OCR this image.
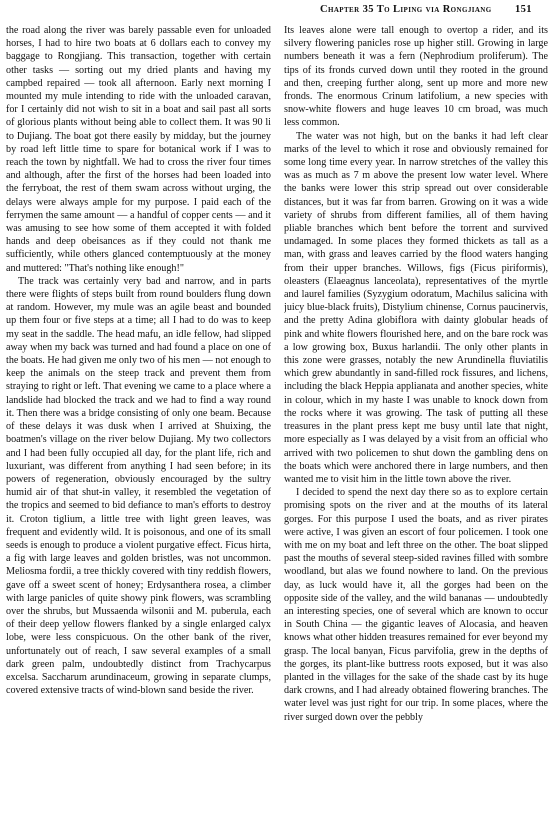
Chapter 35 To Liping via Rongjiang 151

the road along the river was barely passable even for unloaded horses, I had to hire two boats at 6 dollars each to convey my baggage to Rongjiang. This transaction, together with certain other tasks — sorting out my dried plants and having my campbed repaired — took all afternoon. Early next morning I mounted my mule intending to ride with the unloaded caravan, for I certainly did not wish to sit in a boat and sail past all sorts of glorious plants without being able to collect them. It was 90 li to Dujiang. The boat got there easily by midday, but the journey by road left little time to spare for botanical work if I was to reach the town by nightfall. We had to cross the river four times and although, after the first of the horses had been loaded into the ferryboat, the rest of them swam across without urging, the delays were always ample for my purpose. I paid each of the ferrymen the same amount — a handful of copper cents — and it was amusing to see how some of them accepted it with folded hands and deep obeisances as if they could not thank me sufficiently, while others glanced contemptuously at the money and muttered: "That's nothing like enough!"

The track was certainly very bad and narrow, and in parts there were flights of steps built from round boulders flung down at random. However, my mule was an agile beast and bounded up them four or five steps at a time; all I had to do was to keep my seat in the saddle. The head mafu, an idle fellow, had slipped away when my back was turned and had found a place on one of the boats. He had given me only two of his men — not enough to keep the animals on the steep track and prevent them from straying to right or left. That evening we came to a place where a landslide had blocked the track and we had to find a way round it. Then there was a bridge consisting of only one beam. Because of these delays it was dusk when I arrived at Shuixing, the boatmen's village on the river below Dujiang. My two collectors and I had been fully occupied all day, for the plant life, rich and luxuriant, was different from anything I had seen before; in its powers of regeneration, obviously encouraged by the sultry humid air of that shut-in valley, it resembled the vegetation of the tropics and seemed to bid defiance to man's efforts to destroy it. Croton tiglium, a little tree with light green leaves, was frequent and evidently wild. It is poisonous, and one of its small seeds is enough to produce a violent purgative effect. Ficus hirta, a fig with large leaves and golden bristles, was not uncommon. Meliosma fordii, a tree thickly covered with tiny reddish flowers, gave off a sweet scent of honey; Erdysanthera rosea, a climber with large panicles of quite showy pink flowers, was scrambling over the shrubs, but Mussaenda wilsonii and M. puberula, each of their deep yellow flowers flanked by a single enlarged calyx lobe, were less conspicuous. On the other bank of the river, unfortunately out of reach, I saw several examples of a small dark green palm, undoubtedly distinct from Trachycarpus excelsa. Saccharum arundinaceum, growing in separate clumps, covered extensive tracts of wind-blown sand beside the river.

Its leaves alone were tall enough to overtop a rider, and its silvery flowering panicles rose up higher still. Growing in large numbers beneath it was a fern (Nephrodium proliferum). The tips of its fronds curved down until they rooted in the ground and then, creeping further along, sent up more and more new fronds. The enormous Crinum latifolium, a new species with snow-white flowers and huge leaves 10 cm broad, was much less common.

The water was not high, but on the banks it had left clear marks of the level to which it rose and obviously remained for some long time every year. In narrow stretches of the valley this was as much as 7 m above the present low water level. Where the banks were lower this strip spread out over considerable distances, but it was far from barren. Growing on it was a wide variety of shrubs from different families, all of them having pliable branches which bent before the torrent and survived undamaged. In some places they formed thickets as tall as a man, with grass and leaves carried by the flood waters hanging from their upper branches. Willows, figs (Ficus piriformis), oleasters (Elaeagnus lanceolata), representatives of the myrtle and laurel families (Syzygium odoratum, Machilus salicina with juicy blue-black fruits), Distylium chinense, Cornus paucinervis, and the pretty Adina globiflora with dainty globular heads of pink and white flowers flourished here, and on the bare rock was a low growing box, Buxus harlandii. The only other plants in this zone were grasses, notably the new Arundinella fluviatilis which grew abundantly in sand-filled rock fissures, and lichens, including the black Heppia applianata and another species, white in colour, which in my haste I was unable to knock down from the rocks where it was growing. The task of putting all these treasures in the plant press kept me busy until late that night, more especially as I was delayed by a visit from an official who arrived with two policemen to shut down the gambling dens on the boats which were anchored there in large numbers, and then wanted me to visit him in the little town above the river.

I decided to spend the next day there so as to explore certain promising spots on the river and at the mouths of its lateral gorges. For this purpose I used the boats, and as river pirates were active, I was given an escort of four policemen. I took one with me on my boat and left three on the other. The boat slipped past the mouths of several steep-sided ravines filled with sombre woodland, but alas we found nowhere to land. On the previous day, as luck would have it, all the gorges had been on the opposite side of the valley, and the wild bananas — undoubtedly an interesting species, one of several which are known to occur in South China — the gigantic leaves of Alocasia, and heaven knows what other hidden treasures remained for ever beyond my grasp. The local banyan, Ficus parvifolia, grew in the depths of the gorges, its plant-like buttress roots exposed, but it was also planted in the villages for the sake of the shade cast by its huge dark crowns, and I had already obtained flowering branches. The water level was just right for our trip. In some places, where the river surged down over the pebbly
